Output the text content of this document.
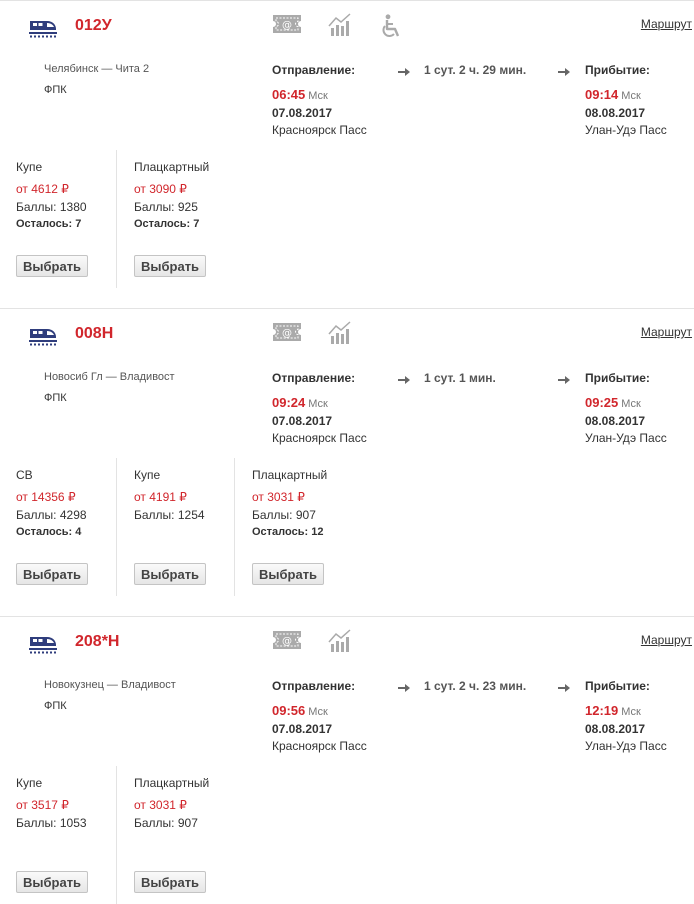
012У	Маршрут
Челябинск — Чита 2
ФПК
Отправление:	1 сут. 2 ч. 29 мин.	Прибытие:
06:45 Мск	09:14 Мск
07.08.2017	08.08.2017
Красноярск Пасс	Улан-Удэ Пасс
@
Купе
от 4612 ₽
Баллы: 1380
Осталось: 7
Выбрать
Плацкартный
от 3090 ₽
Баллы: 925
Осталось: 7
Выбрать
008Н	Маршрут
Новосиб Гл — Владивост
ФПК
Отправление:	1 сут. 1 мин.	Прибытие:
09:24 Мск	09:25 Мск
07.08.2017	08.08.2017
Красноярск Пасс	Улан-Удэ Пасс
@
СВ
от 14356 ₽
Баллы: 4298
Осталось: 4
Выбрать
Купе
от 4191 ₽
Баллы: 1254
Выбрать
Плацкартный
от 3031 ₽
Баллы: 907
Осталось: 12
Выбрать
208*Н	Маршрут
Новокузнец — Владивост
ФПК
Отправление:	1 сут. 2 ч. 23 мин.	Прибытие:
09:56 Мск	12:19 Мск
07.08.2017	08.08.2017
Красноярск Пасс	Улан-Удэ Пасс
@
Купе
от 3517 ₽
Баллы: 1053
Выбрать
Плацкартный
от 3031 ₽
Баллы: 907
Выбрать
